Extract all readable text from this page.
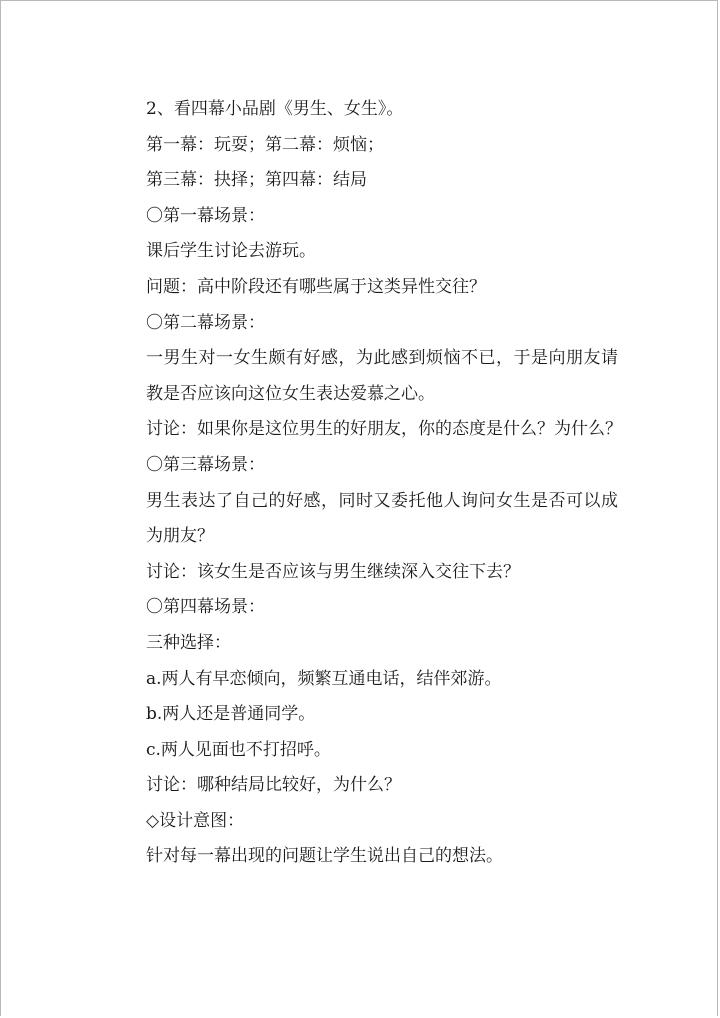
2、看四幕小品剧《男生、女生》。

第一幕：玩耍；第二幕：烦恼；

第三幕：抉择；第四幕：结局

〇第一幕场景：

课后学生讨论去游玩。

问题：高中阶段还有哪些属于这类异性交往？

〇第二幕场景：

一男生对一女生颇有好感，为此感到烦恼不已，于是向朋友请教是否应该向这位女生表达爱慕之心。

讨论：如果你是这位男生的好朋友，你的态度是什么？为什么？

〇第三幕场景：

男生表达了自己的好感，同时又委托他人询问女生是否可以成为朋友？

讨论：该女生是否应该与男生继续深入交往下去？

〇第四幕场景：

三种选择：

a.两人有早恋倾向，频繁互通电话，结伴郊游。

b.两人还是普通同学。

c.两人见面也不打招呼。

讨论：哪种结局比较好，为什么？

◇设计意图：

针对每一幕出现的问题让学生说出自己的想法。
